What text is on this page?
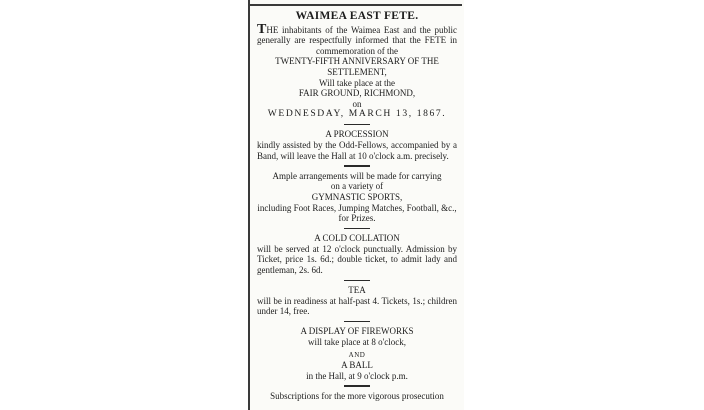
WAIMEA EAST FETE.
THE inhabitants of the Waimea East and the public generally are respectfully informed that the FETE in commemoration of the
TWENTY-FIFTH ANNIVERSARY OF THE
SETTLEMENT,
Will take place at the
FAIR GROUND, RICHMOND,
on
WEDNESDAY, MARCH 13, 1867.
A PROCESSION
kindly assisted by the Odd-Fellows, accompanied by a Band, will leave the Hall at 10 o'clock a.m. precisely.
Ample arrangements will be made for carrying
on a variety of
GYMNASTIC SPORTS,
including Foot Races, Jumping Matches, Football, &c., for Prizes.
A COLD COLLATION
will be served at 12 o'clock punctually. Admission by Ticket, price 1s. 6d.; double ticket, to admit lady and gentleman, 2s. 6d.
TEA
will be in readiness at half-past 4. Tickets, 1s.; children under 14, free.
A DISPLAY OF FIREWORKS
will take place at 8 o'clock,
AND
A BALL
in the Hall, at 9 o'clock p.m.
Subscriptions for the more vigorous prosecution
